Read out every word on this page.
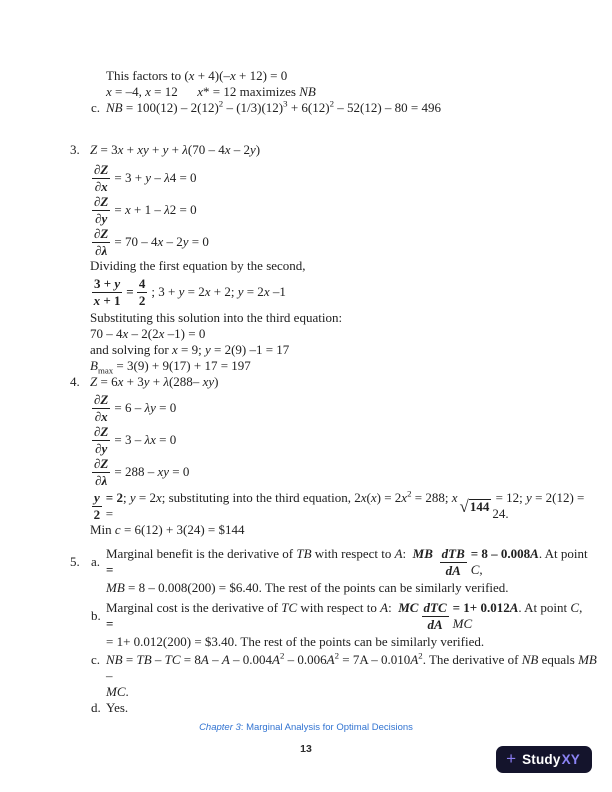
This factors to (x + 4)(–x + 12) = 0
x = –4, x = 12      x* = 12 maximizes NB
c. NB = $100(12) - 2(12)^2 - (1/3)(12)^3 + 6(12)^2 - 52(12) - 80 = 496$
3. Z = 3x + xy + y + λ(70 – 4x – 2y)
$\frac{\partial Z}{\partial x} = 3 + y - \lambda 4 = 0$
$\frac{\partial Z}{\partial y} = x + 1 - \lambda 2 = 0$
$\frac{\partial Z}{\partial\lambda} = 70 - 4x - 2y = 0$
Dividing the first equation by the second,
$\frac{3 + y}{x + 1} = \frac{4}{2}$ ; 3 + y = 2x + 2; y = 2x –1
Substituting this solution into the third equation:
70 – 4x – 2(2x –1) = 0
and solving for x = 9; y = 2(9) –1 = 17
$B_{max} = 3(9) + 9(17) + 17 = 197$
4. Z = 6x + 3y + λ(288– xy)
$\frac{\partial Z}{\partial x} = 6 - \lambda y = 0$
$\frac{\partial Z}{\partial y} = 3 - \lambda x = 0$
$\frac{\partial Z}{\partial\lambda} = 288$ – xy = 0
$\frac{y}{2} = 2$; y = 2x; substituting into the third equation, $2x(x) = 2x^2 = 288$; x =	√ 144
= 12; y = 2(12) = 24.
Min c = 6(12) + 3(24) = $144
5. a.
Marginal benefit is the derivative of TB with respect to A:  MB =	$\frac{\text{dTB}}{dA} = 8 - 0.008A$. At point C,
MB = 8 – 0.008(200) = $6.40. The rest of the points can be similarly verified.
b.
Marginal cost is the derivative of TC with respect to A:  MC =	$\frac{\text{dTC}}{dA} = 1+ 0.012A$. At point C, MC
= 1+ 0.012(200) = $3.40. The rest of the points can be similarly verified.
c. NB = TB – TC = $8A - A - 0.004A^2 - 0.006A^2 = 7A - 0.010A^2$. The derivative of NB equals MB –
MC.
d. Yes.
Chapter 3: Marginal Analysis for Optimal Decisions
13	+ Study XY
